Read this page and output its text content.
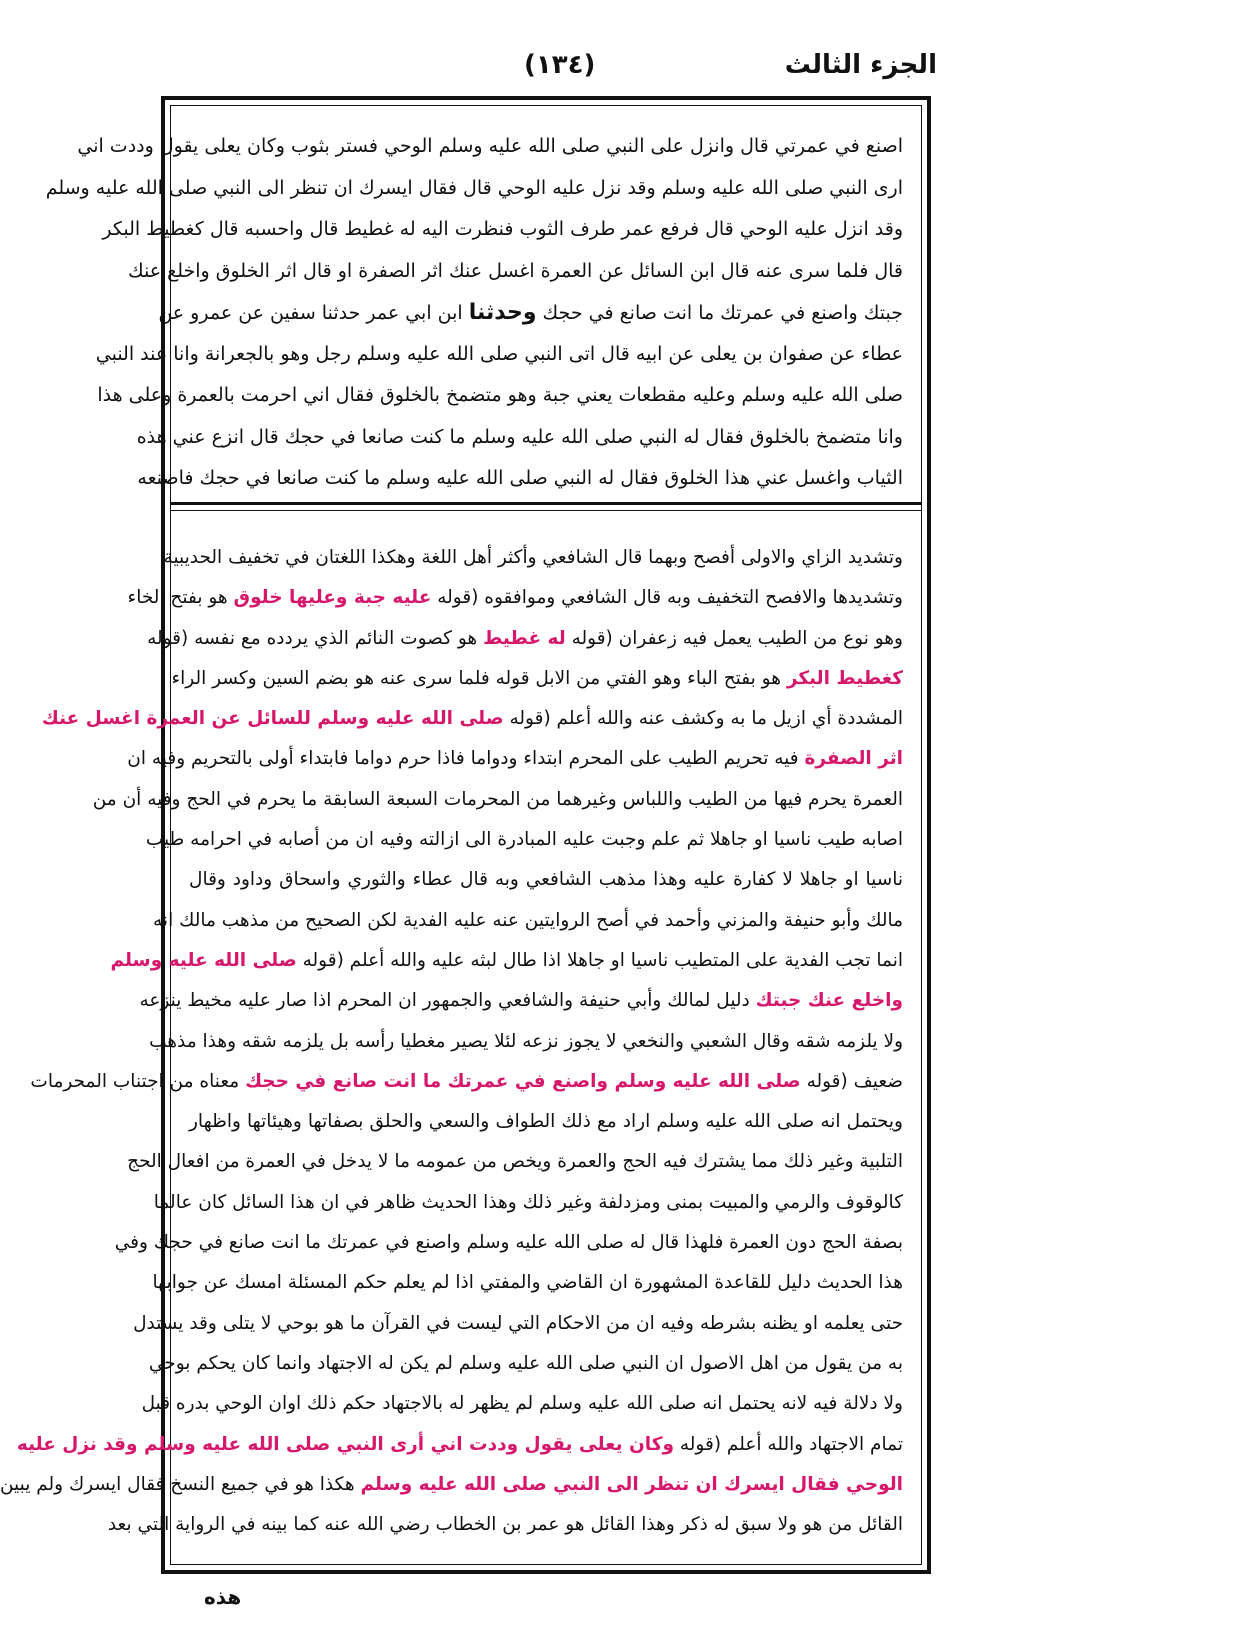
الجزء الثالث
(١٣٤)
اصنع في عمرتي قال وانزل على النبي صلى الله عليه وسلم الوحي فستر بثوب وكان يعلى يقول وددت اني
ارى النبي صلى الله عليه وسلم وقد نزل عليه الوحي قال فقال ايسرك ان تنظر الى النبي صلى الله عليه وسلم
وقد انزل عليه الوحي قال فرفع عمر طرف الثوب فنظرت اليه له غطيط قال واحسبه قال كغطيط البكر
قال فلما سرى عنه قال ابن السائل عن العمرة اغسل عنك اثر الصفرة او قال اثر الخلوق واخلع عنك
جبتك واصنع في عمرتك ما انت صانع في حجك وحدثنا ابن ابي عمر حدثنا سفين عن عمرو عن
عطاء عن صفوان بن يعلى عن ابيه قال اتى النبي صلى الله عليه وسلم رجل وهو بالجعرانة وانا عند النبي
صلى الله عليه وسلم وعليه مقطعات يعني جبة وهو متضمخ بالخلوق فقال اني احرمت بالعمرة وعلى هذا
وانا متضمخ بالخلوق فقال له النبي صلى الله عليه وسلم ما كنت صانعا في حجك قال انزع عني هذه
الثياب واغسل عني هذا الخلوق فقال له النبي صلى الله عليه وسلم ما كنت صانعا في حجك فاصنعه
وتشديد الزاي والاولى أفصح وبهما قال الشافعي وأكثر أهل اللغة وهكذا اللغتان في تخفيف الحديبية
وتشديدها والافصح التخفيف وبه قال الشافعي وموافقوه (قوله عليه جبة وعليها خلوق هو بفتح الخاء
وهو نوع من الطيب يعمل فيه زعفران (قوله له غطيط هو كصوت النائم الذي يردده مع نفسه (قوله
كغطيط البكر هو بفتح الباء وهو الفتي من الابل قوله فلما سرى عنه هو بضم السين وكسر الراء
المشددة أي ازيل ما به وكشف عنه والله أعلم (قوله صلى الله عليه وسلم للسائل عن العمرة اغسل عنك
اثر الصفرة فيه تحريم الطيب على المحرم ابتداء ودواما فاذا حرم دواما فابتداء أولى بالتحريم وفيه ان
العمرة يحرم فيها من الطيب واللباس وغيرهما من المحرمات السبعة السابقة ما يحرم في الحج وفيه أن من
اصابه طيب ناسيا او جاهلا ثم علم وجبت عليه المبادرة الى ازالته وفيه ان من أصابه في احرامه طيب
ناسيا او جاهلا لا كفارة عليه وهذا مذهب الشافعي وبه قال عطاء والثوري واسحاق وداود وقال
مالك وأبو حنيفة والمزني وأحمد في أصح الروايتين عنه عليه الفدية لكن الصحيح من مذهب مالك انه
انما تجب الفدية على المتطيب ناسيا او جاهلا اذا طال لبثه عليه والله أعلم (قوله صلى الله عليه وسلم
واخلع عنك جبتك دليل لمالك وأبي حنيفة والشافعي والجمهور ان المحرم اذا صار عليه مخيط ينزعه
ولا يلزمه شقه وقال الشعبي والنخعي لا يجوز نزعه لئلا يصير مغطيا رأسه بل يلزمه شقه وهذا مذهب
ضعيف (قوله صلى الله عليه وسلم واصنع في عمرتك ما انت صانع في حجك معناه من اجتناب المحرمات
ويحتمل انه صلى الله عليه وسلم اراد مع ذلك الطواف والسعي والحلق بصفاتها وهيئاتها واظهار
التلبية وغير ذلك مما يشترك فيه الحج والعمرة ويخص من عمومه ما لا يدخل في العمرة من افعال الحج
كالوقوف والرمي والمبيت بمنى ومزدلفة وغير ذلك وهذا الحديث ظاهر في ان هذا السائل كان عالما
بصفة الحج دون العمرة فلهذا قال له صلى الله عليه وسلم واصنع في عمرتك ما انت صانع في حجك وفي
هذا الحديث دليل للقاعدة المشهورة ان القاضي والمفتي اذا لم يعلم حكم المسئلة امسك عن جوابها
حتى يعلمه او يظنه بشرطه وفيه ان من الاحكام التي ليست في القرآن ما هو بوحي لا يتلى وقد يستدل
به من يقول من اهل الاصول ان النبي صلى الله عليه وسلم لم يكن له الاجتهاد وانما كان يحكم بوحي
ولا دلالة فيه لانه يحتمل انه صلى الله عليه وسلم لم يظهر له بالاجتهاد حكم ذلك اوان الوحي بدره قبل
تمام الاجتهاد والله أعلم (قوله وكان يعلى يقول وددت اني أرى النبي صلى الله عليه وسلم وقد نزل عليه
الوحي فقال ايسرك ان تنظر الى النبي صلى الله عليه وسلم هكذا هو في جميع النسخ فقال ايسرك ولم يبين
القائل من هو ولا سبق له ذكر وهذا القائل هو عمر بن الخطاب رضي الله عنه كما بينه في الرواية التي بعد
هذه
